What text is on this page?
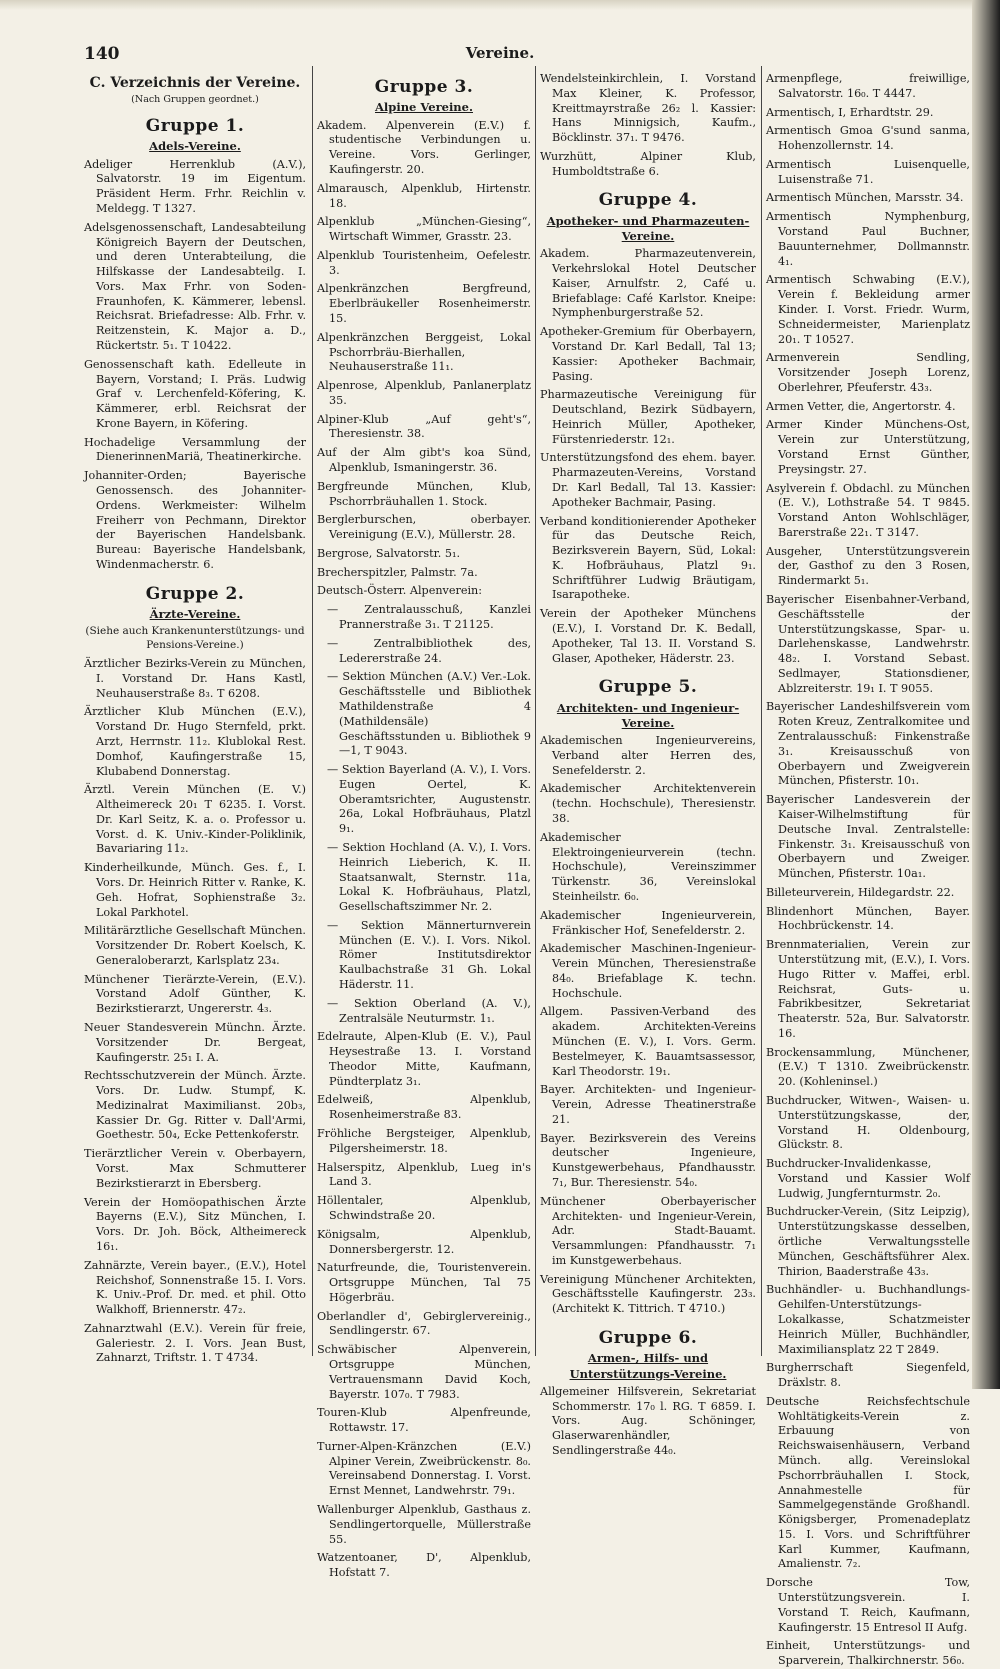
140	Vereine.
C. Verzeichnis der Vereine.
(Nach Gruppen geordnet.)
Gruppe 1.
Adels-Vereine.
Adeliger Herrenklub (A.V.), Salvatorstr. 19 im Eigentum. Präsident Herm. Frhr. Reichlin v. Meldegg. T 1327.
Adelsgenossenschaft, Landesabteilung Königreich Bayern der Deutschen, und deren Unterabteilung, die Hilfskasse der Landesabteilg. I. Vors. Max Frhr. von Soden-Fraunhofen, K. Kämmerer, lebensl. Reichsrat. Briefadresse: Alb. Frhr. v. Reitzenstein, K. Major a. D., Rückertstr. 5₁. T 10422.
Genossenschaft kath. Edelleute in Bayern, Vorstand; I. Präs. Ludwig Graf v. Lerchenfeld-Köfering, K. Kämmerer, erbl. Reichsrat der Krone Bayern, in Köfering.
Hochadelige Versammlung der DienerinnenMariä, Theatinerkirche.
Johanniter-Orden; Bayerische Genossensch. des Johanniter-Ordens. Werkmeister: Wilhelm Freiherr von Pechmann, Direktor der Bayerischen Handelsbank. Bureau: Bayerische Handelsbank, Windenmacherstr. 6.
Gruppe 2.
Ärzte-Vereine.
(Siehe auch Krankenunterstützungs- und Pensions-Vereine.)
Ärztlicher Bezirks-Verein zu München, I. Vorstand Dr. Hans Kastl, Neuhauserstraße 8₃. T 6208.
Ärztlicher Klub München (E.V.), Vorstand Dr. Hugo Sternfeld, prkt. Arzt, Herrnstr. 11₂. Klublokal Rest. Domhof, Kaufingerstraße 15, Klubabend Donnerstag.
Ärztl. Verein München (E. V.) Altheimereck 20₁ T 6235. I. Vorst. Dr. Karl Seitz, K. a. o. Professor u. Vorst. d. K. Univ.-Kinder-Poliklinik, Bavariaring 11₂.
Kinderheilkunde, Münch. Ges. f., I. Vors. Dr. Heinrich Ritter v. Ranke, K. Geh. Hofrat, Sophienstraße 3₂. Lokal Parkhotel.
Militärärztliche Gesellschaft München. Vorsitzender Dr. Robert Koelsch, K. Generaloberarzt, Karlsplatz 23₄.
Münchener Tierärzte-Verein, (E.V.). Vorstand Adolf Günther, K. Bezirkstierarzt, Ungererstr. 4₃.
Neuer Standesverein Münchn. Ärzte. Vorsitzender Dr. Bergeat, Kaufingerstr. 25₁ I. A.
Rechtsschutzverein der Münch. Ärzte. Vors. Dr. Ludw. Stumpf, K. Medizinalrat Maximilianst. 20b₃, Kassier Dr. Gg. Ritter v. Dall'Armi, Goethestr. 50₄, Ecke Pettenkoferstr.
Tierärztlicher Verein v. Oberbayern, Vorst. Max Schmutterer Bezirkstierarzt in Ebersberg.
Verein der Homöopathischen Ärzte Bayerns (E.V.), Sitz München, I. Vors. Dr. Joh. Böck, Altheimereck 16₁.
Zahnärzte, Verein bayer., (E.V.), Hotel Reichshof, Sonnenstraße 15. I. Vors. K. Univ.-Prof. Dr. med. et phil. Otto Walkhoff, Briennerstr. 47₂.
Zahnarztwahl (E.V.). Verein für freie, Galeriestr. 2. I. Vors. Jean Bust, Zahnarzt, Triftstr. 1. T 4734.
Gruppe 3.
Alpine Vereine.
Akadem. Alpenverein (E.V.) f. studentische Verbindungen u. Vereine. Vors. Gerlinger, Kaufingerstr. 20.
Almarausch, Alpenklub, Hirtenstr. 18.
Alpenklub „München-Giesing“, Wirtschaft Wimmer, Grasstr. 23.
Alpenklub Touristenheim, Oefelestr. 3.
Alpenkränzchen Bergfreund, Eberlbräukeller Rosenheimerstr. 15.
Alpenkränzchen Berggeist, Lokal Pschorrbräu-Bierhallen, Neuhauserstraße 11₁.
Alpenrose, Alpenklub, Panlanerplatz 35.
Alpiner-Klub „Auf geht's“, Theresienstr. 38.
Auf der Alm gibt's koa Sünd, Alpenklub, Ismaningerstr. 36.
Bergfreunde München, Klub, Pschorrbräuhallen 1. Stock.
Berglerburschen, oberbayer. Vereinigung (E.V.), Müllerstr. 28.
Bergrose, Salvatorstr. 5₁.
Brecherspitzler, Palmstr. 7a.
Deutsch-Österr. Alpenverein:
— Zentralausschuß, Kanzlei Prannerstraße 3₁. T 21125.
— Zentralbibliothek des, Ledererstraße 24.
— Sektion München (A.V.) Ver.-Lok. Geschäftsstelle und Bibliothek Mathildenstraße 4 (Mathildensäle) Geschäftsstunden u. Bibliothek 9—1, T 9043.
— Sektion Bayerland (A. V.), I. Vors. Eugen Oertel, K. Oberamtsrichter, Augustenstr. 26a, Lokal Hofbräuhaus, Platzl 9₁.
— Sektion Hochland (A. V.), I. Vors. Heinrich Lieberich, K. II. Staatsanwalt, Sternstr. 11a, Lokal K. Hofbräuhaus, Platzl, Gesellschaftszimmer Nr. 2.
— Sektion Männerturnverein München (E. V.). I. Vors. Nikol. Römer Institutsdirektor Kaulbachstraße 31 Gh. Lokal Häderstr. 11.
— Sektion Oberland (A. V.), Zentralsäle Neuturmstr. 1₁.
Edelraute, Alpen-Klub (E. V.), Paul Heysestraße 13. I. Vorstand Theodor Mitte, Kaufmann, Pündterplatz 3₁.
Edelweiß, Alpenklub, Rosenheimerstraße 83.
Fröhliche Bergsteiger, Alpenklub, Pilgersheimerstr. 18.
Halserspitz, Alpenklub, Lueg in's Land 3.
Höllentaler, Alpenklub, Schwindstraße 20.
Königsalm, Alpenklub, Donnersbergerstr. 12.
Naturfreunde, die, Touristenverein. Ortsgruppe München, Tal 75 Högerbräu.
Oberlandler d', Gebirglervereinig., Sendlingerstr. 67.
Schwäbischer Alpenverein, Ortsgruppe München, Vertrauensmann David Koch, Bayerstr. 107₀. T 7983.
Touren-Klub Alpenfreunde, Rottawstr. 17.
Turner-Alpen-Kränzchen (E.V.) Alpiner Verein, Zweibrückenstr. 8₀. Vereinsabend Donnerstag. I. Vorst. Ernst Mennet, Landwehrstr. 79₁.
Wallenburger Alpenklub, Gasthaus z. Sendlingertorquelle, Müllerstraße 55.
Watzentoaner, D', Alpenklub, Hofstatt 7.
Wendelsteinkirchlein, I. Vorstand Max Kleiner, K. Professor, Kreittmayrstraße 26₂ l. Kassier: Hans Minnigsich, Kaufm., Böcklinstr. 37₁. T 9476.
Wurzhütt, Alpiner Klub, Humboldtstraße 6.
Gruppe 4.
Apotheker- und Pharmazeuten-Vereine.
Akadem. Pharmazeutenverein, Verkehrslokal Hotel Deutscher Kaiser, Arnulfstr. 2, Café u. Briefablage: Café Karlstor. Kneipe: Nymphenburgerstraße 52.
Apotheker-Gremium für Oberbayern, Vorstand Dr. Karl Bedall, Tal 13; Kassier: Apotheker Bachmair, Pasing.
Pharmazeutische Vereinigung für Deutschland, Bezirk Südbayern, Heinrich Müller, Apotheker, Fürstenriederstr. 12₁.
Unterstützungsfond des ehem. bayer. Pharmazeuten-Vereins, Vorstand Dr. Karl Bedall, Tal 13. Kassier: Apotheker Bachmair, Pasing.
Verband konditionierender Apotheker für das Deutsche Reich, Bezirksverein Bayern, Süd, Lokal: K. Hofbräuhaus, Platzl 9₁. Schriftführer Ludwig Bräutigam, Isarapotheke.
Verein der Apotheker Münchens (E.V.), I. Vorstand Dr. K. Bedall, Apotheker, Tal 13. II. Vorstand S. Glaser, Apotheker, Häderstr. 23.
Gruppe 5.
Architekten- und Ingenieur-Vereine.
Akademischen Ingenieurvereins, Verband alter Herren des, Senefelderstr. 2.
Akademischer Architektenverein (techn. Hochschule), Theresienstr. 38.
Akademischer Elektroingenieurverein (techn. Hochschule), Vereinszimmer Türkenstr. 36, Vereinslokal Steinheilstr. 6₀.
Akademischer Ingenieurverein, Fränkischer Hof, Senefelderstr. 2.
Akademischer Maschinen-Ingenieur-Verein München, Theresienstraße 84₀. Briefablage K. techn. Hochschule.
Allgem. Passiven-Verband des akadem. Architekten-Vereins München (E. V.), I. Vors. Germ. Bestelmeyer, K. Bauamtsassessor, Karl Theodorstr. 19₁.
Bayer. Architekten- und Ingenieur-Verein, Adresse Theatinerstraße 21.
Bayer. Bezirksverein des Vereins deutscher Ingenieure, Kunstgewerbehaus, Pfandhausstr. 7₁, Bur. Theresienstr. 54₀.
Münchener Oberbayerischer Architekten- und Ingenieur-Verein, Adr. Stadt-Bauamt. Versammlungen: Pfandhausstr. 7₁ im Kunstgewerbehaus.
Vereinigung Münchener Architekten, Geschäftsstelle Kaufingerstr. 23₃. (Architekt K. Tittrich. T 4710.)
Gruppe 6.
Armen-, Hilfs- und Unterstützungs-Vereine.
Allgemeiner Hilfsverein, Sekretariat Schommerstr. 17₀ l. RG. T 6859. I. Vors. Aug. Schöninger, Glaserwarenhändler, Sendlingerstraße 44₀.
Armenpflege, freiwillige, Salvatorstr. 16₀. T 4447.
Armentisch, I, Erhardtstr. 29.
Armentisch Gmoa G'sund sanma, Hohenzollernstr. 14.
Armentisch Luisenquelle, Luisenstraße 71.
Armentisch München, Marsstr. 34.
Armentisch Nymphenburg, Vorstand Paul Buchner, Bauunternehmer, Dollmannstr. 4₁.
Armentisch Schwabing (E.V.), Verein f. Bekleidung armer Kinder. I. Vorst. Friedr. Wurm, Schneidermeister, Marienplatz 20₁. T 10527.
Armenverein Sendling, Vorsitzender Joseph Lorenz, Oberlehrer, Pfeuferstr. 43₃.
Armen Vetter, die, Angertorstr. 4.
Armer Kinder Münchens-Ost, Verein zur Unterstützung, Vorstand Ernst Günther, Preysingstr. 27.
Asylverein f. Obdachl. zu München (E. V.), Lothstraße 54. T 9845. Vorstand Anton Wohlschläger, Barerstraße 22₁. T 3147.
Ausgeher, Unterstützungsverein der, Gasthof zu den 3 Rosen, Rindermarkt 5₁.
Bayerischer Eisenbahner-Verband, Geschäftsstelle der Unterstützungskasse, Spar- u. Darlehenskasse, Landwehrstr. 48₂. I. Vorstand Sebast. Sedlmayer, Stationsdiener, Ablzreiterstr. 19₁ I. T 9055.
Bayerischer Landeshilfsverein vom Roten Kreuz, Zentralkomitee und Zentralausschuß: Finkenstraße 3₁. Kreisausschuß von Oberbayern und Zweigverein München, Pfisterstr. 10₁.
Bayerischer Landesverein der Kaiser-Wilhelmstiftung für Deutsche Inval. Zentralstelle: Finkenstr. 3₁. Kreisausschuß von Oberbayern und Zweiger. München, Pfisterstr. 10a₁.
Billeteurverein, Hildegardstr. 22.
Blindenhort München, Bayer. Hochbrückenstr. 14.
Brennmaterialien, Verein zur Unterstützung mit, (E.V.), I. Vors. Hugo Ritter v. Maffei, erbl. Reichsrat, Guts- u. Fabrikbesitzer, Sekretariat Theaterstr. 52a, Bur. Salvatorstr. 16.
Brockensammlung, Münchener, (E.V.) T 1310. Zweibrückenstr. 20. (Kohleninsel.)
Buchdrucker, Witwen-, Waisen- u. Unterstützungskasse, der, Vorstand H. Oldenbourg, Glückstr. 8.
Buchdrucker-Invalidenkasse, Vorstand und Kassier Wolf Ludwig, Jungfernturmstr. 2₀.
Buchdrucker-Verein, (Sitz Leipzig), Unterstützungskasse desselben, örtliche Verwaltungsstelle München, Geschäftsführer Alex. Thirion, Baaderstraße 43₃.
Buchhändler- u. Buchhandlungs-Gehilfen-Unterstützungs-Lokalkasse, Schatzmeister Heinrich Müller, Buchhändler, Maximiliansplatz 22 T 2849.
Burgherrschaft Siegenfeld, Dräxlstr. 8.
Deutsche Reichsfechtschule Wohltätigkeits-Verein z. Erbauung von Reichswaisenhäusern, Verband Münch. allg. Vereinslokal Pschorrbräuhallen I. Stock, Annahmestelle für Sammelgegenstände Großhandl. Königsberger, Promenadeplatz 15. I. Vors. und Schriftführer Karl Kummer, Kaufmann, Amalienstr. 7₂.
Dorsche Tow, Unterstützungsverein. I. Vorstand T. Reich, Kaufmann, Kaufingerstr. 15 Entresol II Aufg.
Einheit, Unterstützungs- und Sparverein, Thalkirchnerstr. 56₀.
